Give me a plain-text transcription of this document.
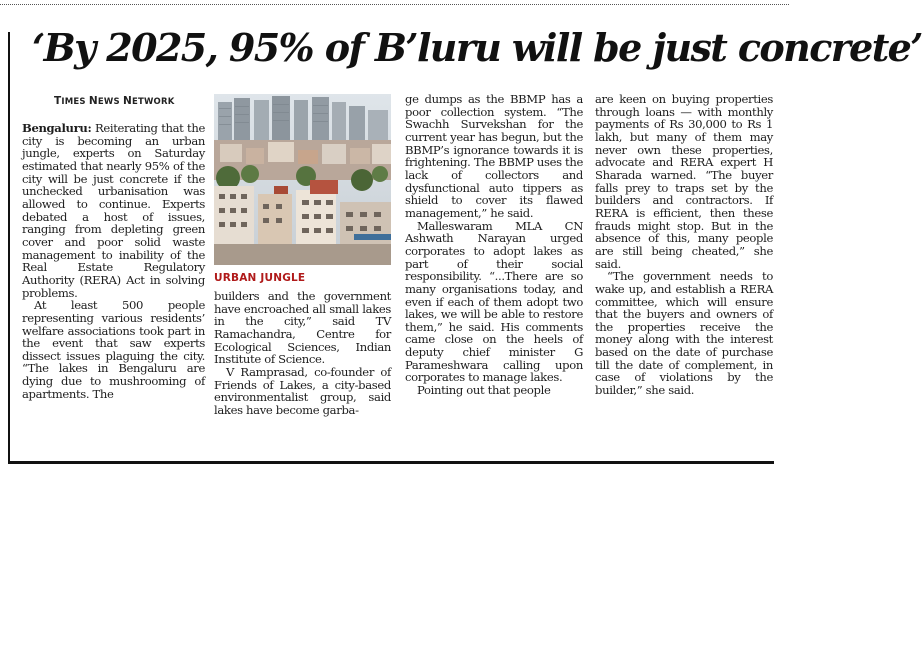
‘By 2025, 95% of B’luru will be just concrete’
TIMES NEWS NETWORK

Bengaluru: Reiterating that the city is becoming an urban jungle, experts on Saturday estimated that nearly 95% of the city will be just concrete if the unchecked urbanisation was allowed to continue. Experts debated a host of issues, ranging from depleting green cover and poor solid waste management to inability of the Real Estate Regulatory Authority (RERA) Act in solving problems.

At least 500 people representing various residents’ welfare associations took part in the event that saw experts dissect issues plaguing the city. “The lakes in Bengaluru are dying due to mushrooming of apartments. The

URBAN JUNGLE

builders and the government have encroached all small lakes in the city,” said TV Ramachandra, Centre for Ecological Sciences, Indian Institute of Science.

V Ramprasad, co-founder of Friends of Lakes, a city-based environmentalist group, said lakes have become garba-

ge dumps as the BBMP has a poor collection system. “The Swachh Survekshan for the current year has begun, but the BBMP’s ignorance towards it is frightening. The BBMP uses the lack of collectors and dysfunctional auto tippers as shield to cover its flawed management,” he said.

Malleswaram MLA CN Ashwath Narayan urged corporates to adopt lakes as part of their social responsibility. “...There are so many organisations today, and even if each of them adopt two lakes, we will be able to restore them,” he said. His comments came close on the heels of deputy chief minister G Parameshwara calling upon corporates to manage lakes.

Pointing out that people

are keen on buying properties through loans — with monthly payments of Rs 30,000 to Rs 1 lakh, but many of them may never own these properties, advocate and RERA expert H Sharada warned. “The buyer falls prey to traps set by the builders and contractors. If RERA is efficient, then these frauds might stop. But in the absence of this, many people are still being cheated,” she said.

“The government needs to wake up, and establish a RERA committee, which will ensure that the buyers and owners of the properties receive the money along with the interest based on the date of purchase till the date of complement, in case of violations by the builder,” she said.
